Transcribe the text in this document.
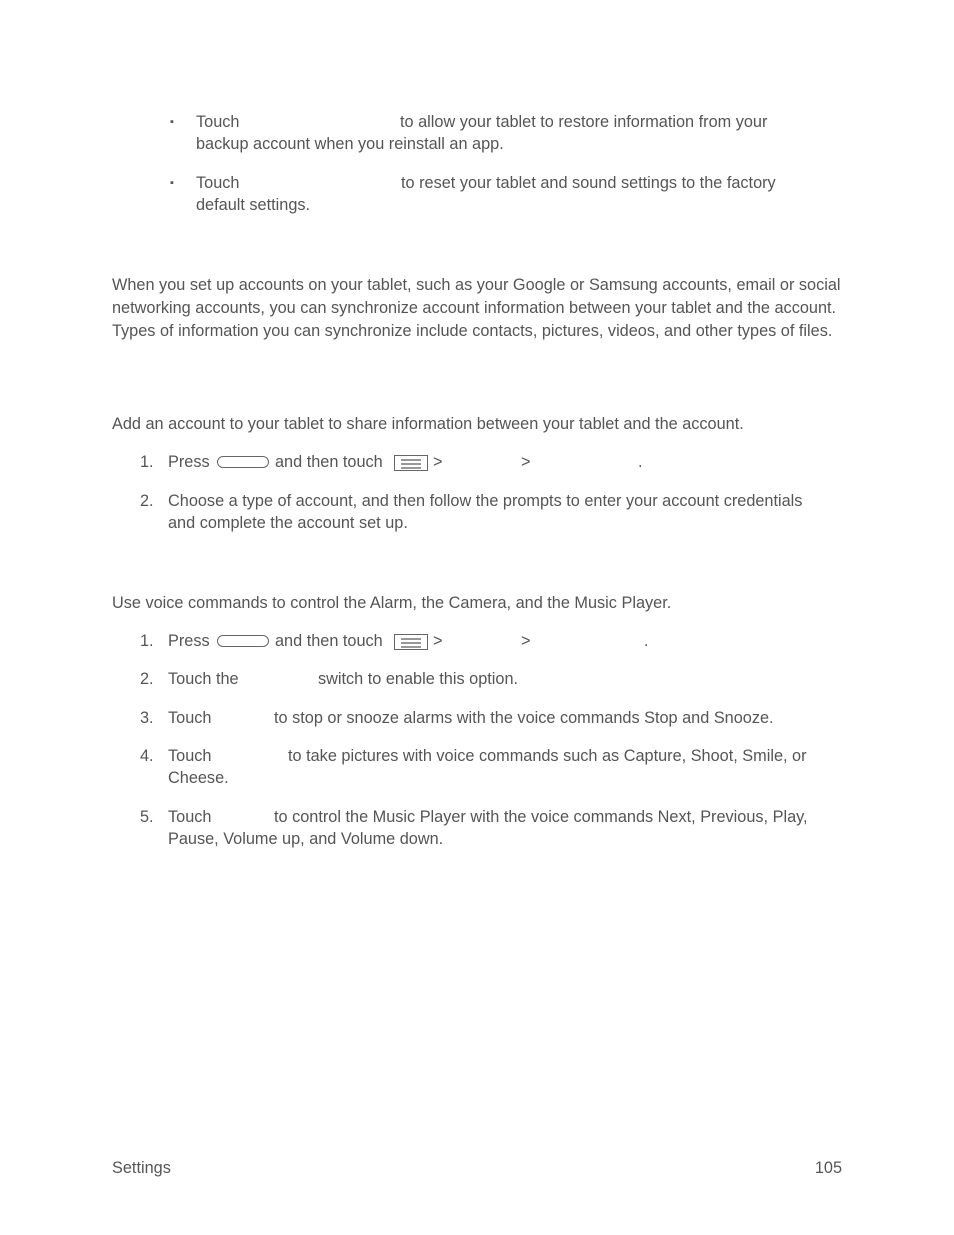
▪ Touch	to allow your tablet to restore information from your
backup account when you reinstall an app.
▪ Touch	to reset your tablet and sound settings to the factory
default settings.

When you set up accounts on your tablet, such as your Google or Samsung accounts, email or social networking accounts, you can synchronize account information between your tablet and the account. Types of information you can synchronize include contacts, pictures, videos, and other types of files.

Add an account to your tablet to share information between your tablet and the account.
1. Press	and then touch	>	>	.
2. Choose a type of account, and then follow the prompts to enter your account credentials
and complete the account set up.
Use voice commands to control the Alarm, the Camera, and the Music Player.
1. Press	and then touch	>	>	.
2. Touch the	switch to enable this option.
3. Touch	to stop or snooze alarms with the voice commands Stop and Snooze.
4. Touch	to take pictures with voice commands such as Capture, Shoot, Smile, or
Cheese.
5. Touch	to control the Music Player with the voice commands Next, Previous, Play,
Pause, Volume up, and Volume down.
Settings	105
